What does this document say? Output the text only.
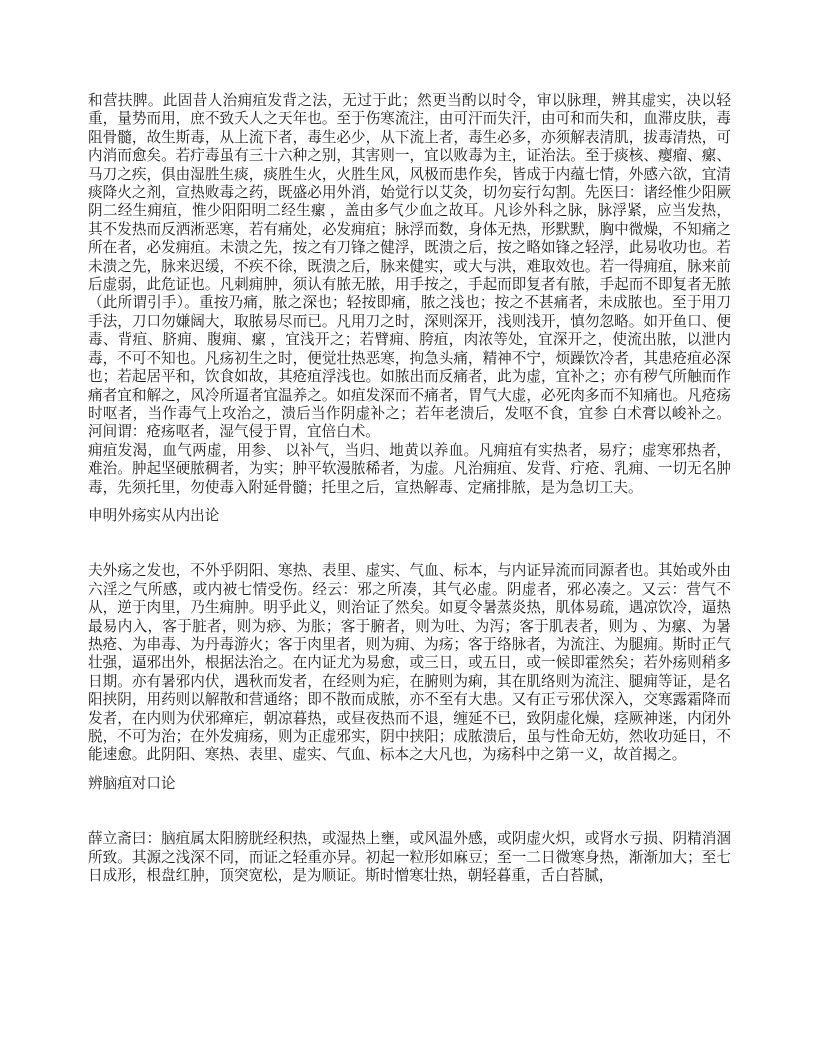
和营扶脾。此固昔人治痈疽发背之法，无过于此；然更当酌以时令，审以脉理，辨其虚实，决以轻重，量势而用，庶不致夭人之天年也。至于伤寒流注，由可汗而失汗，由可和而失和，血滞皮肤，毒阻骨髓，故生斯毒，从上流下者，毒生必少，从下流上者，毒生必多，亦须解表清肌，拔毒清热，可内消而愈矣。若疔毒虽有三十六种之别，其害则一，宜以败毒为主，证治法。至于痰核、瘿瘤、瘰、马刀之疾，俱由湿胜生痰，痰胜生火，火胜生风，风极而患作矣，皆成于内蕴七情，外感六欲，宜清痰降火之剂，宣热败毒之药，既盛必用外消，始觉行以艾灸，切勿妄行勾割。先医曰：诸经惟少阳厥阴二经生痈疽，惟少阳阳明二经生瘰 ，盖由多气少血之故耳。凡诊外科之脉，脉浮紧，应当发热，其不发热而反洒淅恶寒，若有痛处，必发痈疽；脉浮而数，身体无热，形默默，胸中微燥，不知痛之所在者，必发痈疽。未溃之先，按之有刀锋之健浮，既溃之后，按之略如锋之轻浮，此易收功也。若未溃之先，脉来迟缓，不疾不徐，既溃之后，脉来健实，或大与洪，难取效也。若一得痈疽，脉来前后虚弱，此危证也。凡刺痈肿，须认有脓无脓，用手按之，手起而即复者有脓，手起而不即复者无脓（此所谓引手）。重按乃痛，脓之深也；轻按即痛，脓之浅也；按之不甚痛者，未成脓也。至于用刀手法，刀口勿嫌阔大，取脓易尽而已。凡用刀之时，深则深开，浅则浅开，慎勿忽略。如开鱼口、便毒、背疽、脐痈、腹痈、瘰 ，宜浅开之；若臂痈、胯疽，肉浓等处，宜深开之，使流出脓，以泄内毒，不可不知也。凡疡初生之时，便觉壮热恶寒，拘急头痛，精神不宁，烦躁饮冷者，其患疮疽必深也；若起居平和，饮食如故，其疮疽浮浅也。如脓出而反痛者，此为虚，宜补之；亦有秽气所触而作痛者宜和解之，风冷所逼者宜温养之。如疽发深而不痛者，胃气大虚，必死肉多而不知痛也。凡疮疡时呕者，当作毒气上攻治之，溃后当作阴虚补之；若年老溃后，发呕不食，宜参 白术膏以峻补之。河间谓：疮疡呕者，湿气侵于胃，宜倍白术。

痈疽发渴，血气两虚，用参、 以补气，当归、地黄以养血。凡痈疽有实热者，易疗；虚寒邪热者，难治。肿起坚硬脓稠者，为实；肿平软漫脓稀者，为虚。凡治痈疽、发背、疔疮、乳痈、一切无名肿毒，先须托里，勿使毒入附延骨髓；托里之后，宣热解毒、定痛排脓，是为急切工夫。

申明外疡实从内出论

夫外疡之发也，不外乎阴阳、寒热、表里、虚实、气血、标本，与内证异流而同源者也。其始或外由六淫之气所感，或内被七情受伤。经云：邪之所凑，其气必虚。阴虚者，邪必凑之。又云：营气不从，逆于肉里，乃生痈肿。明乎此义，则治证了然矣。如夏令暑蒸炎热，肌体易疏，遇凉饮冷，逼热最易内入，客于脏者，则为痧、为胀；客于腑者，则为吐、为泻；客于肌表者，则为 、为瘰、为暑热疮、为串毒、为丹毒游火；客于肉里者，则为痈、为疡；客于络脉者，为流注、为腿痈。斯时正气壮强，逼邪出外，根据法治之。在内证尤为易愈，或三日，或五日，或一候即霍然矣；若外疡则稍多日期。亦有暑邪内伏，遇秋而发者，在经则为疟，在腑则为痢，其在肌络则为流注、腿痈等证，是名阳挟阴，用药则以解散和营通络；即不散而成脓，亦不至有大患。又有正亏邪伏深入，交寒露霜降而发者，在内则为伏邪瘅疟，朝凉暮热，或昼夜热而不退，缠延不已，致阴虚化燥，痉厥神迷，内闭外脱，不可为治；在外发痈疡，则为正虚邪实，阴中挟阳；成脓溃后，虽与性命无妨，然收功延日，不能速愈。此阴阳、寒热、表里、虚实、气血、标本之大凡也，为疡科中之第一义，故首揭之。

辨脑疽对口论

薛立斋曰：脑疽属太阳膀胱经积热，或湿热上壅，或风温外感，或阴虚火炽，或肾水亏损、阴精消涸所致。其源之浅深不同，而证之轻重亦异。初起一粒形如麻豆；至一二日微寒身热，渐渐加大；至七日成形，根盘红肿，顶突宽松，是为顺证。斯时憎寒壮热，朝轻暮重，舌白苔腻，
